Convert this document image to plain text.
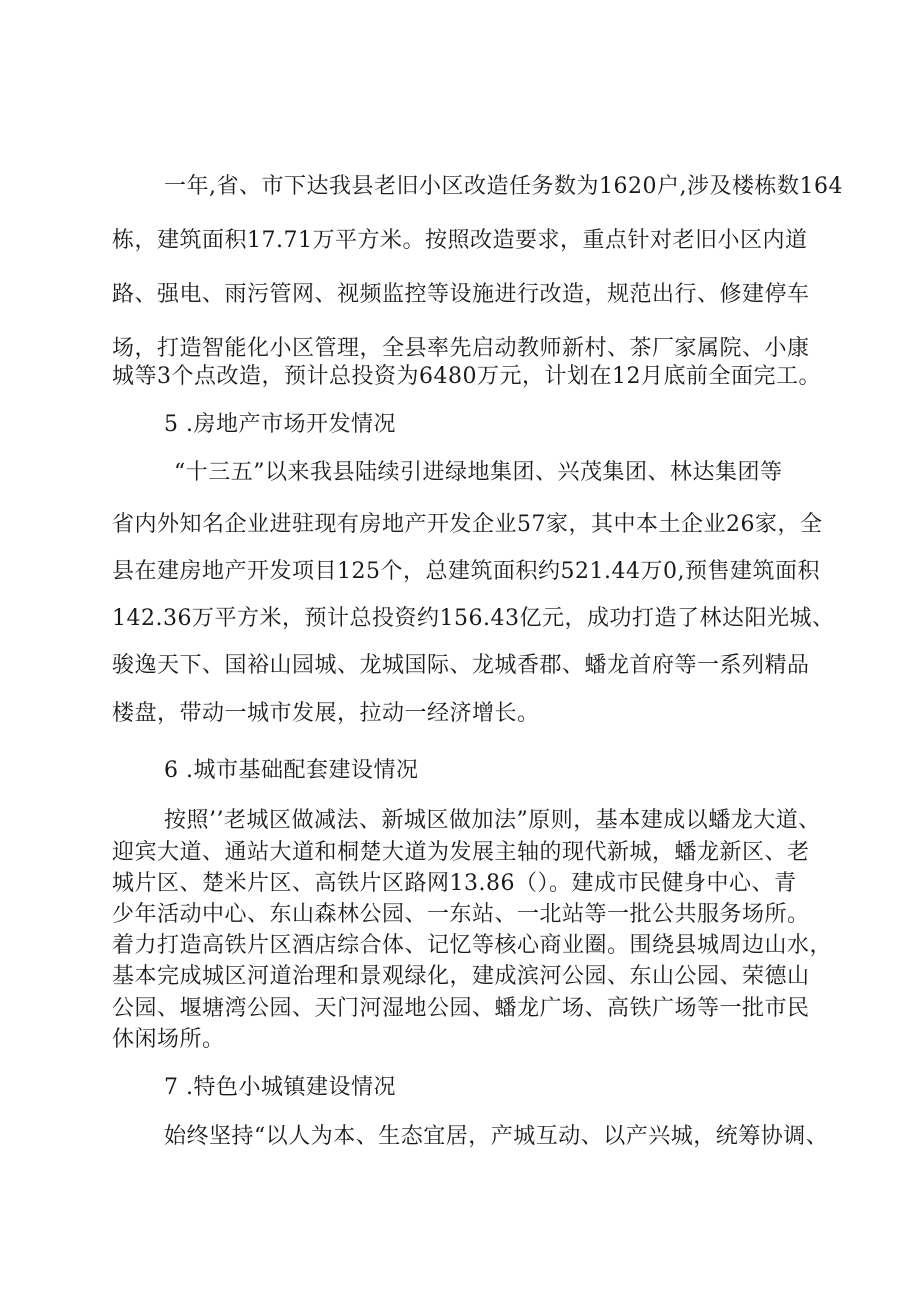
一年,省、市下达我县老旧小区改造任务数为1620户,涉及楼栋数164
栋，建筑面积17.71万平方米。按照改造要求，重点针对老旧小区内道
路、强电、雨污管网、视频监控等设施进行改造，规范出行、修建停车
场，打造智能化小区管理，全县率先启动教师新村、茶厂家属院、小康
城等3个点改造，预计总投资为6480万元，计划在12月底前全面完工。
5 .房地产市场开发情况
“十三五”以来我县陆续引进绿地集团、兴茂集团、林达集团等
省内外知名企业进驻现有房地产开发企业57家，其中本土企业26家，全
县在建房地产开发项目125个，总建筑面积约521.44万0,预售建筑面积
142.36万平方米，预计总投资约156.43亿元，成功打造了林达阳光城、
骏逸天下、国裕山园城、龙城国际、龙城香郡、蟠龙首府等一系列精品
楼盘，带动一城市发展，拉动一经济增长。
6 .城市基础配套建设情况
按照’’老城区做减法、新城区做加法”原则，基本建成以蟠龙大道、
迎宾大道、通站大道和桐楚大道为发展主轴的现代新城，蟠龙新区、老
城片区、楚米片区、高铁片区路网13.86（）。建成市民健身中心、青
少年活动中心、东山森林公园、一东站、一北站等一批公共服务场所。
着力打造高铁片区酒店综合体、记忆等核心商业圈。围绕县城周边山水，
基本完成城区河道治理和景观绿化，建成滨河公园、东山公园、荣德山
公园、堰塘湾公园、天门河湿地公园、蟠龙广场、高铁广场等一批市民
休闲场所。
7 .特色小城镇建设情况
始终坚持“以人为本、生态宜居，产城互动、以产兴城，统筹协调、
